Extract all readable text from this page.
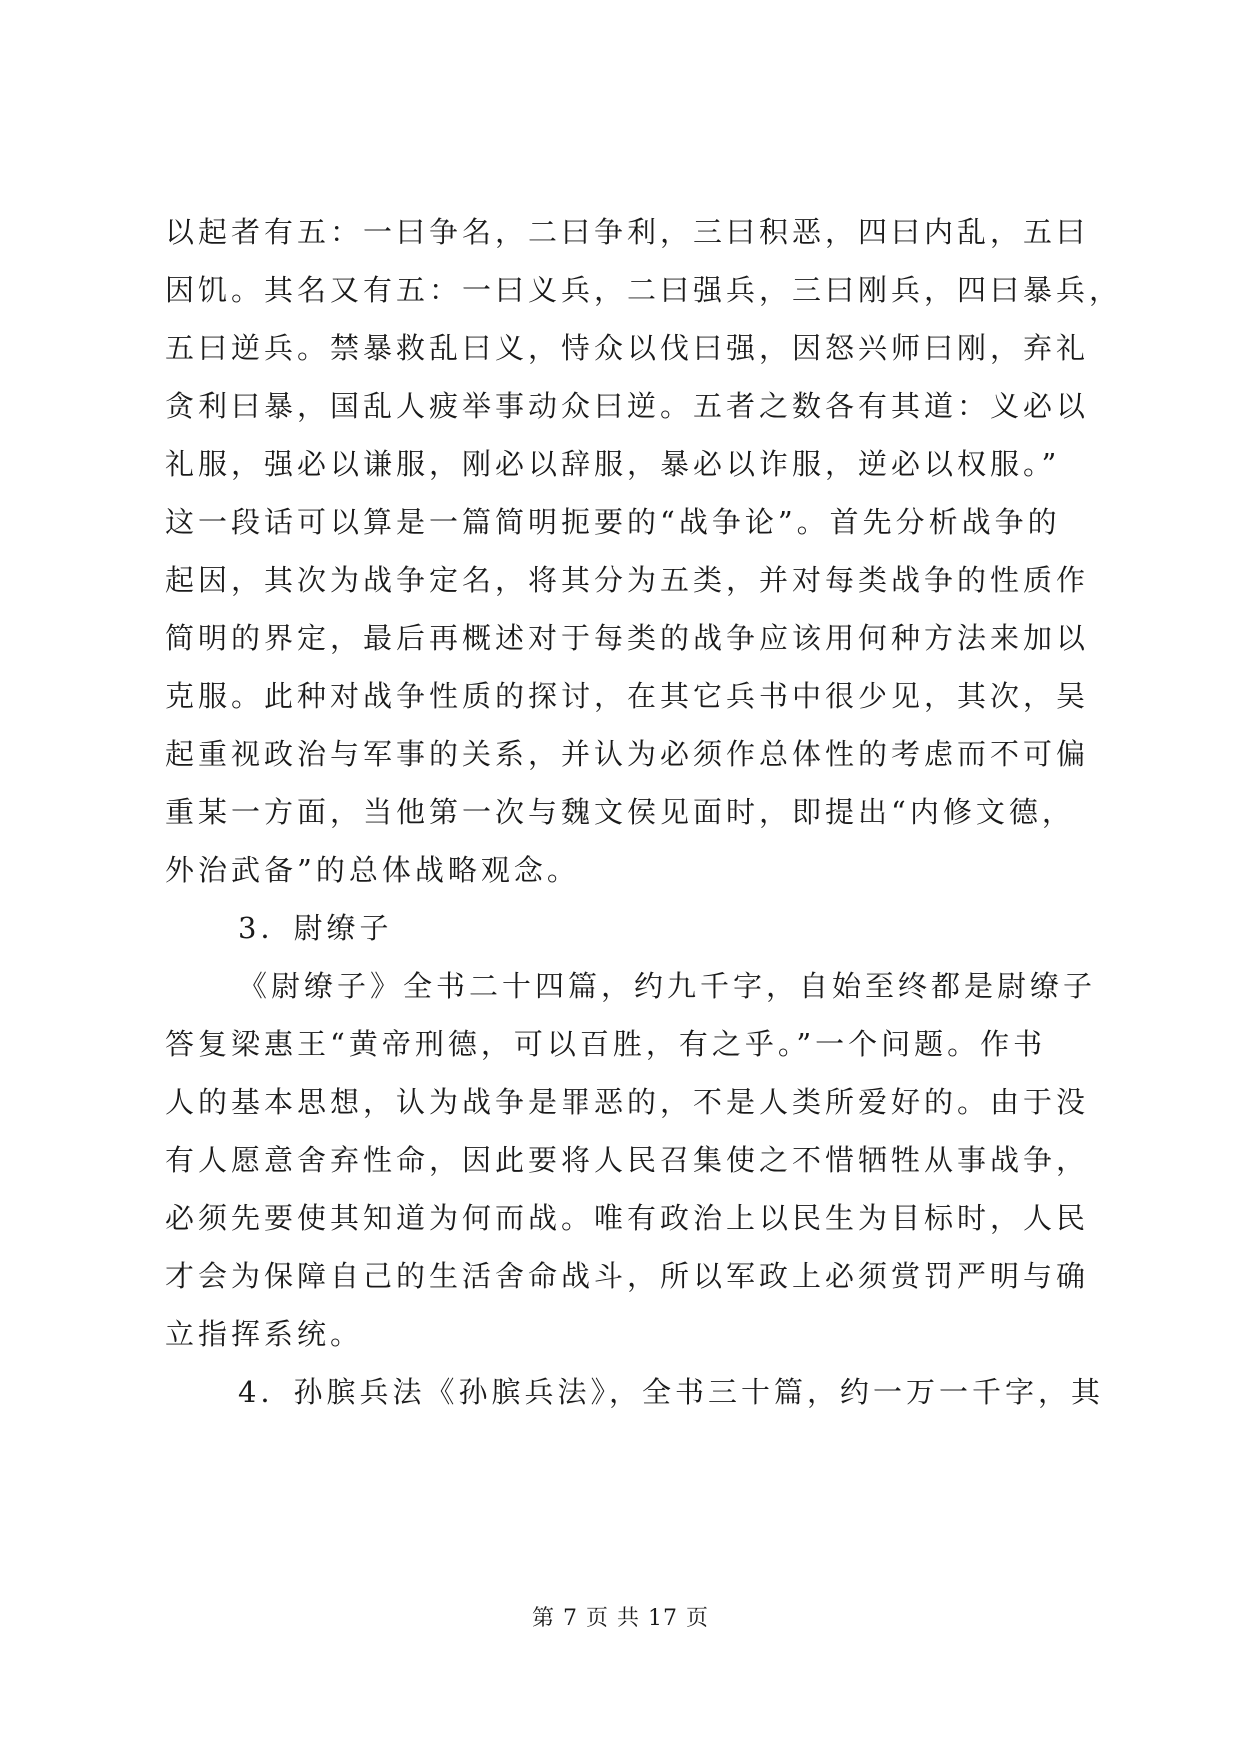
以起者有五：一曰争名，二曰争利，三曰积恶，四曰内乱，五曰

因饥。其名又有五：一曰义兵，二曰强兵，三曰刚兵，四曰暴兵，

五曰逆兵。禁暴救乱曰义，恃众以伐曰强，因怒兴师曰刚，弃礼

贪利曰暴，国乱人疲举事动众曰逆。五者之数各有其道：义必以

礼服，强必以谦服，刚必以辞服，暴必以诈服，逆必以权服。”

这一段话可以算是一篇简明扼要的“战争论”。首先分析战争的

起因，其次为战争定名，将其分为五类，并对每类战争的性质作

简明的界定，最后再概述对于每类的战争应该用何种方法来加以

克服。此种对战争性质的探讨，在其它兵书中很少见，其次，吴

起重视政治与军事的关系，并认为必须作总体性的考虑而不可偏

重某一方面，当他第一次与魏文侯见面时，即提出“内修文德，

外治武备”的总体战略观念。

3．尉缭子

《尉缭子》全书二十四篇，约九千字，自始至终都是尉缭子

答复梁惠王“黄帝刑德，可以百胜，有之乎。”一个问题。作书

人的基本思想，认为战争是罪恶的，不是人类所爱好的。由于没

有人愿意舍弃性命，因此要将人民召集使之不惜牺牲从事战争，

必须先要使其知道为何而战。唯有政治上以民生为目标时，人民

才会为保障自己的生活舍命战斗，所以军政上必须赏罚严明与确

立指挥系统。

4．孙膑兵法《孙膑兵法》，全书三十篇，约一万一千字，其

第 7 页 共 17 页
